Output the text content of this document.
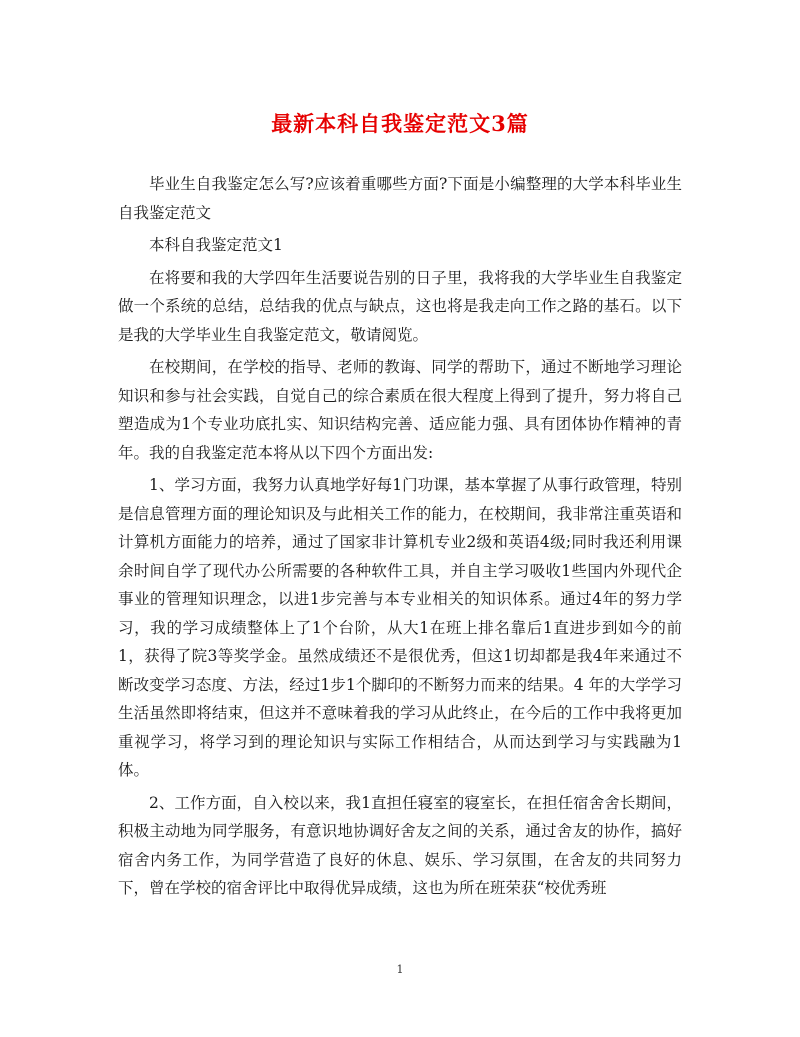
最新本科自我鉴定范文3篇

毕业生自我鉴定怎么写?应该着重哪些方面?下面是小编整理的大学本科毕业生自我鉴定范文

本科自我鉴定范文1

在将要和我的大学四年生活要说告别的日子里，我将我的大学毕业生自我鉴定做一个系统的总结，总结我的优点与缺点，这也将是我走向工作之路的基石。以下是我的大学毕业生自我鉴定范文，敬请阅览。

在校期间，在学校的指导、老师的教诲、同学的帮助下，通过不断地学习理论知识和参与社会实践，自觉自己的综合素质在很大程度上得到了提升，努力将自己塑造成为1个专业功底扎实、知识结构完善、适应能力强、具有团体协作精神的青年。我的自我鉴定范本将从以下四个方面出发:

1、学习方面，我努力认真地学好每1门功课，基本掌握了从事行政管理，特别是信息管理方面的理论知识及与此相关工作的能力，在校期间，我非常注重英语和计算机方面能力的培养，通过了国家非计算机专业2级和英语4级;同时我还利用课余时间自学了现代办公所需要的各种软件工具，并自主学习吸收1些国内外现代企事业的管理知识理念，以进1步完善与本专业相关的知识体系。通过4年的努力学习，我的学习成绩整体上了1个台阶，从大1在班上排名靠后1直进步到如今的前1，获得了院3等奖学金。虽然成绩还不是很优秀，但这1切却都是我4年来通过不断改变学习态度、方法，经过1步1个脚印的不断努力而来的结果。4 年的大学学习生活虽然即将结束，但这并不意味着我的学习从此终止，在今后的工作中我将更加重视学习，将学习到的理论知识与实际工作相结合，从而达到学习与实践融为1体。

2、工作方面，自入校以来，我1直担任寝室的寝室长，在担任宿舍舍长期间，积极主动地为同学服务，有意识地协调好舍友之间的关系，通过舍友的协作，搞好宿舍内务工作，为同学营造了良好的休息、娱乐、学习氛围，在舍友的共同努力下，曾在学校的宿舍评比中取得优异成绩，这也为所在班荣获“校优秀班

1
